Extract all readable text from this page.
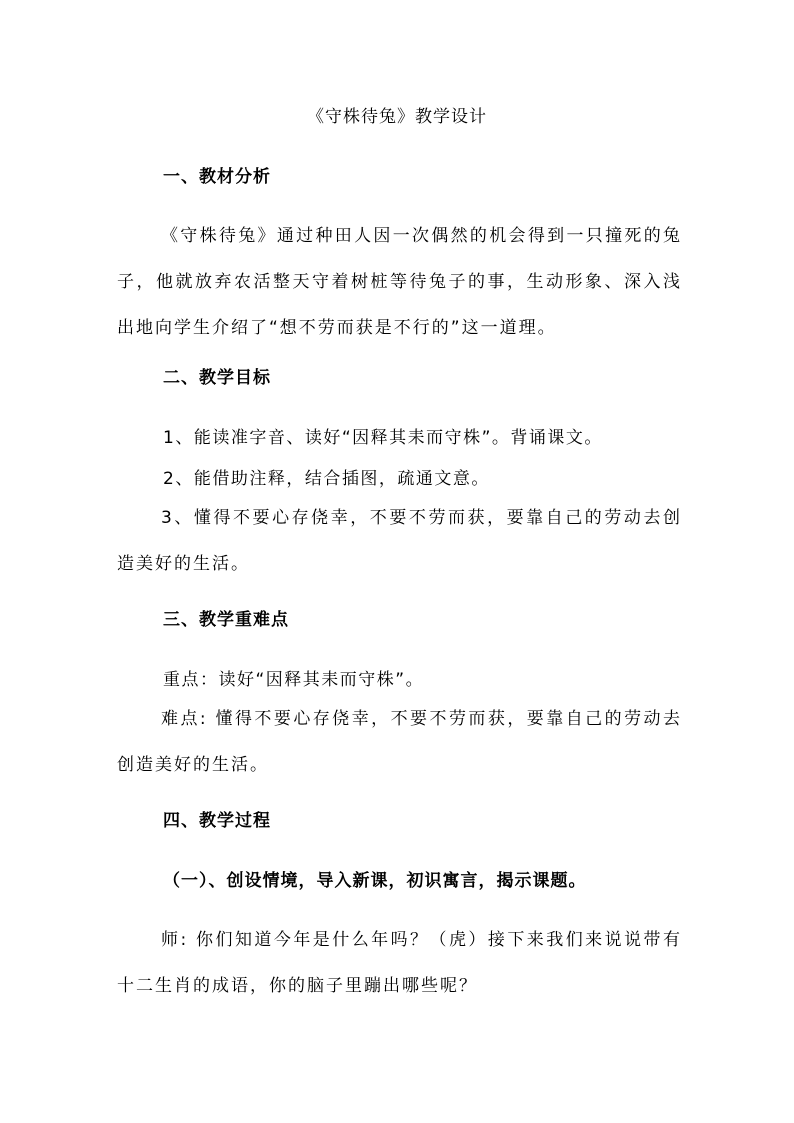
《守株待兔》教学设计
一、教材分析

《守株待兔》通过种田人因一次偶然的机会得到一只撞死的兔子，他就放弃农活整天守着树桩等待兔子的事，生动形象、深入浅出地向学生介绍了“想不劳而获是不行的”这一道理。

二、教学目标

1、能读准字音、读好“因释其耒而守株”。背诵课文。

2、能借助注释，结合插图，疏通文意。

3、懂得不要心存侥幸，不要不劳而获，要靠自己的劳动去创造美好的生活。

三、教学重难点

重点：读好“因释其耒而守株”。

难点: 懂得不要心存侥幸，不要不劳而获，要靠自己的劳动去创造美好的生活。

四、教学过程

（一）、创设情境，导入新课，初识寓言，揭示课题。

师: 你们知道今年是什么年吗？（虎）接下来我们来说说带有十二生肖的成语，你的脑子里蹦出哪些呢？
